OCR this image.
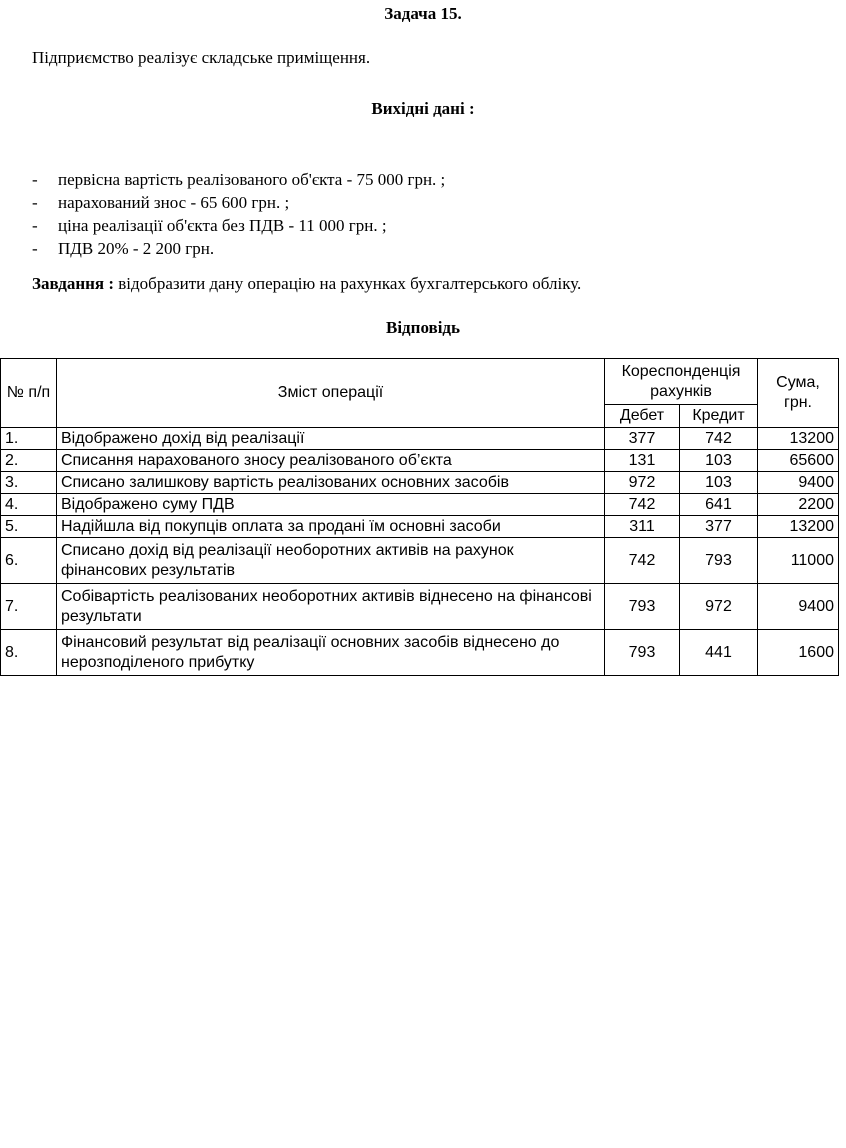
Задача 15.
Підприємство реалізує складське приміщення.
Вихідні дані :
- первісна вартість реалізованого об'єкта - 75 000 грн. ;
- нарахований знос - 65 600 грн. ;
- ціна реалізації об'єкта без ПДВ - 11 000 грн. ;
- ПДВ 20% - 2 200 грн.
Завдання : відобразити дану операцію на рахунках бухгалтерського обліку.
Відповідь
№ п/п	Зміст операції	Кореспонденція рахунків		Сума, грн.
		Дебет	Кредит	
1.	Відображено дохід від реалізації	377	742	13200
2.	Списання нарахованого зносу реалізованого об’єкта	131	103	65600
3.	Списано залишкову вартість реалізованих основних засобів	972	103	9400
4.	Відображено суму ПДВ	742	641	2200
5.	Надійшла від покупців оплата за продані їм основні засоби	311	377	13200
6.	Списано дохід від реалізації необоротних активів на рахунок фінансових результатів	742	793	11000
7.	Собівартість реалізованих необоротних активів віднесено на фінансові результати	793	972	9400
8.	Фінансовий результат від реалізації основних засобів віднесено до нерозподіленого прибутку	793	441	1600
